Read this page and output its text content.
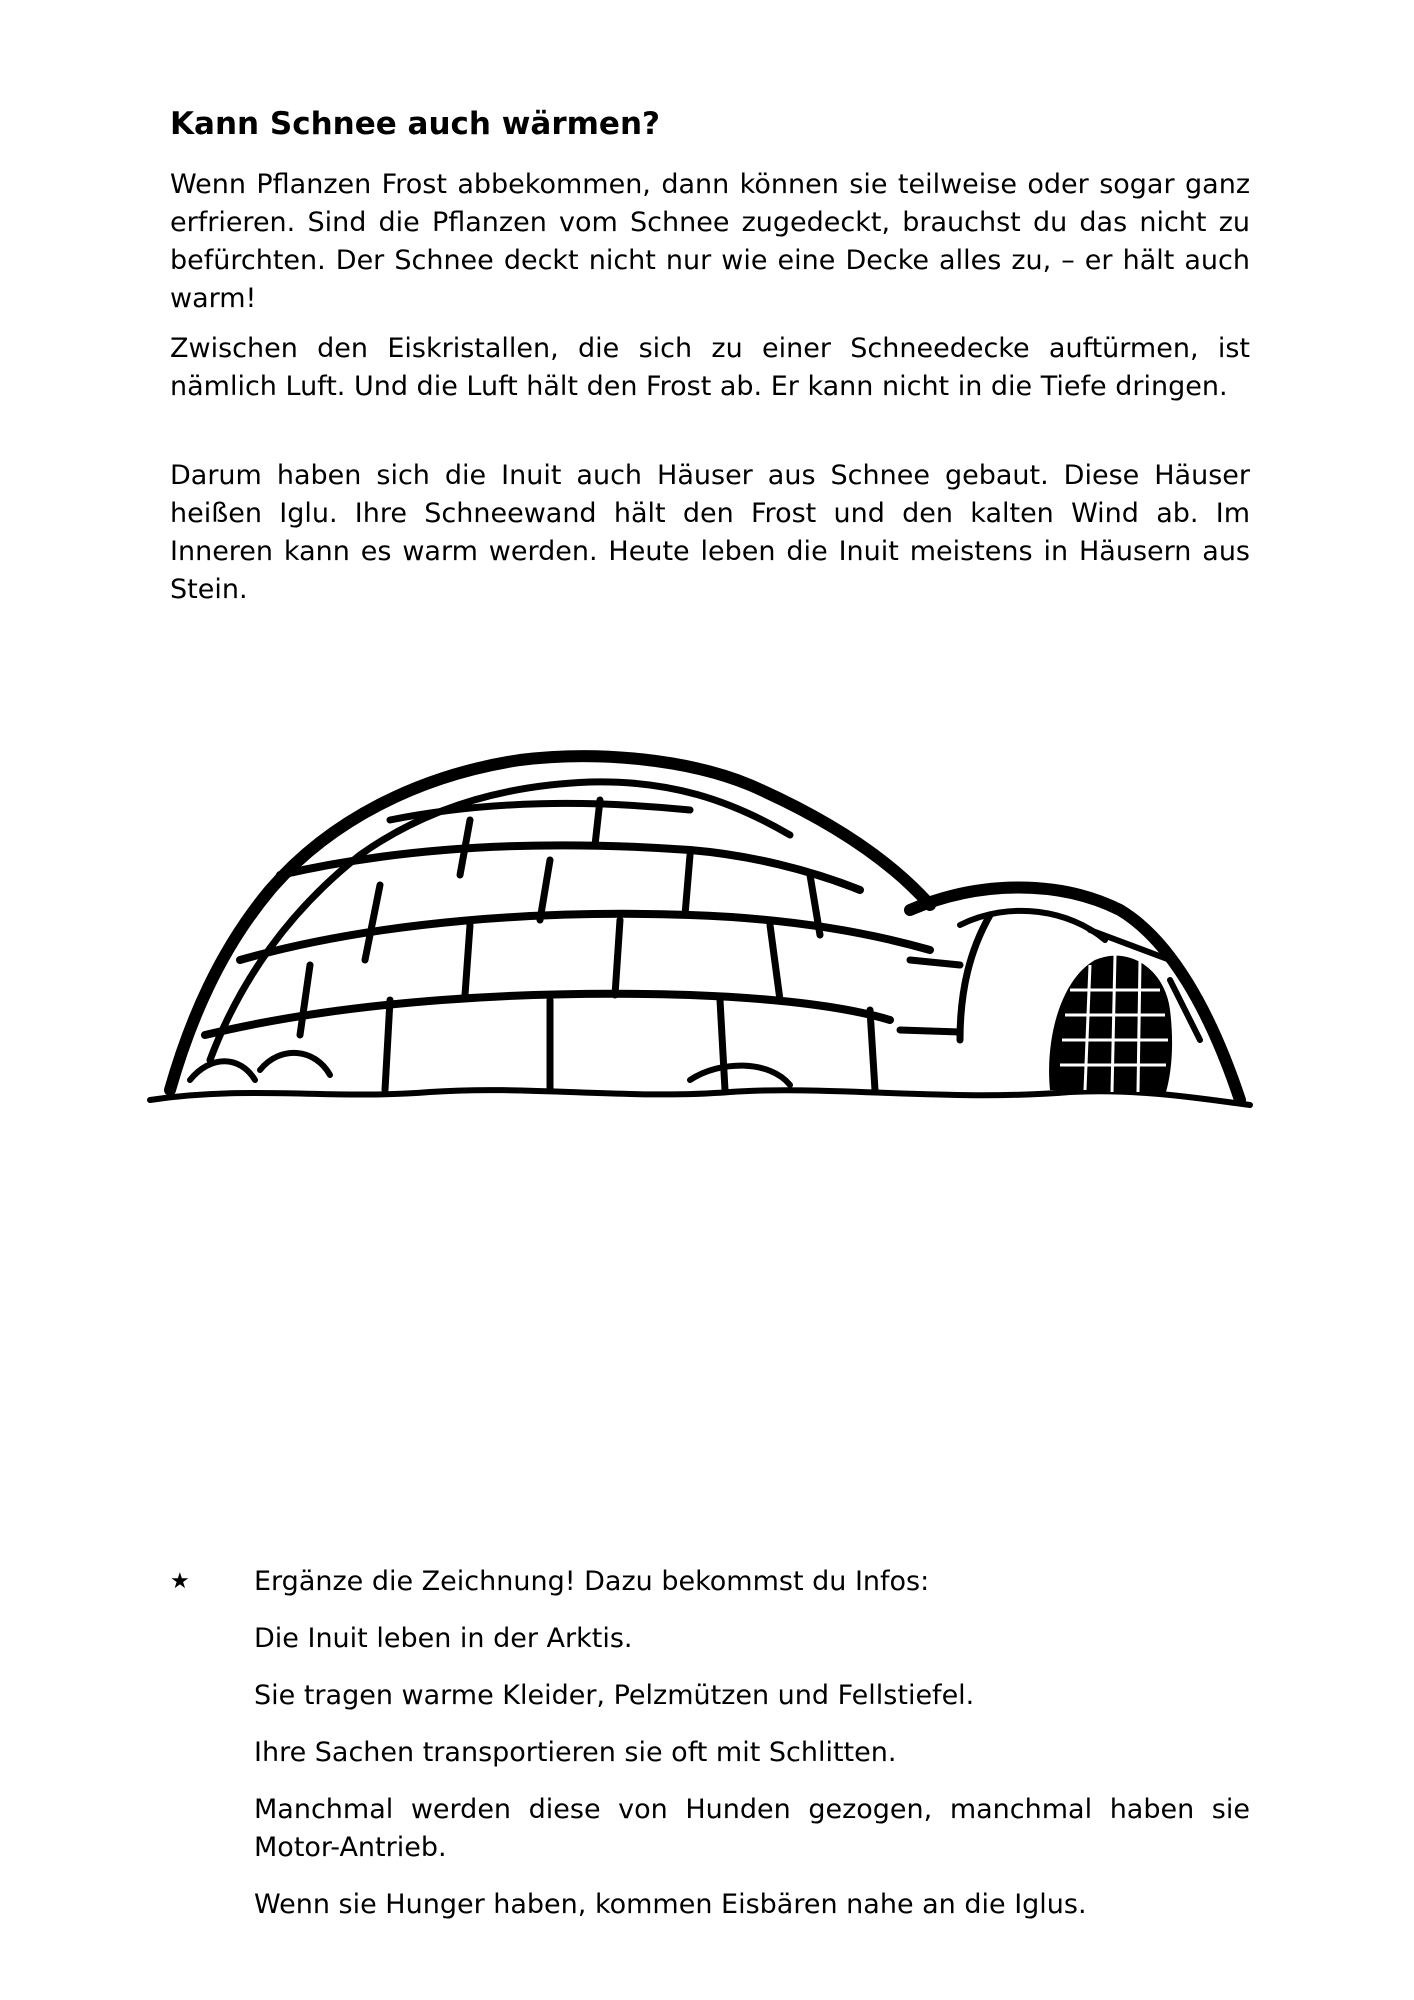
Kann Schnee auch wärmen?

Wenn Pflanzen Frost abbekommen, dann können sie teilweise oder sogar ganz erfrieren. Sind die Pflanzen vom Schnee zugedeckt, brauchst du das nicht zu befürchten. Der Schnee deckt nicht nur wie eine Decke alles zu, – er hält auch warm!

Zwischen den Eiskristallen, die sich zu einer Schneedecke auftürmen, ist nämlich Luft. Und die Luft hält den Frost ab. Er kann nicht in die Tiefe dringen.

Darum haben sich die Inuit auch Häuser aus Schnee gebaut. Diese Häuser heißen Iglu. Ihre Schneewand hält den Frost und den kalten Wind ab. Im Inneren kann es warm werden. Heute leben die Inuit meistens in Häusern aus Stein.

★	Ergänze die Zeichnung! Dazu bekommst du Infos:

Die Inuit leben in der Arktis.

Sie tragen warme Kleider, Pelzmützen und Fellstiefel.

Ihre Sachen transportieren sie oft mit Schlitten.

Manchmal werden diese von Hunden gezogen, manchmal haben sie Motor-Antrieb.

Wenn sie Hunger haben, kommen Eisbären nahe an die Iglus.
